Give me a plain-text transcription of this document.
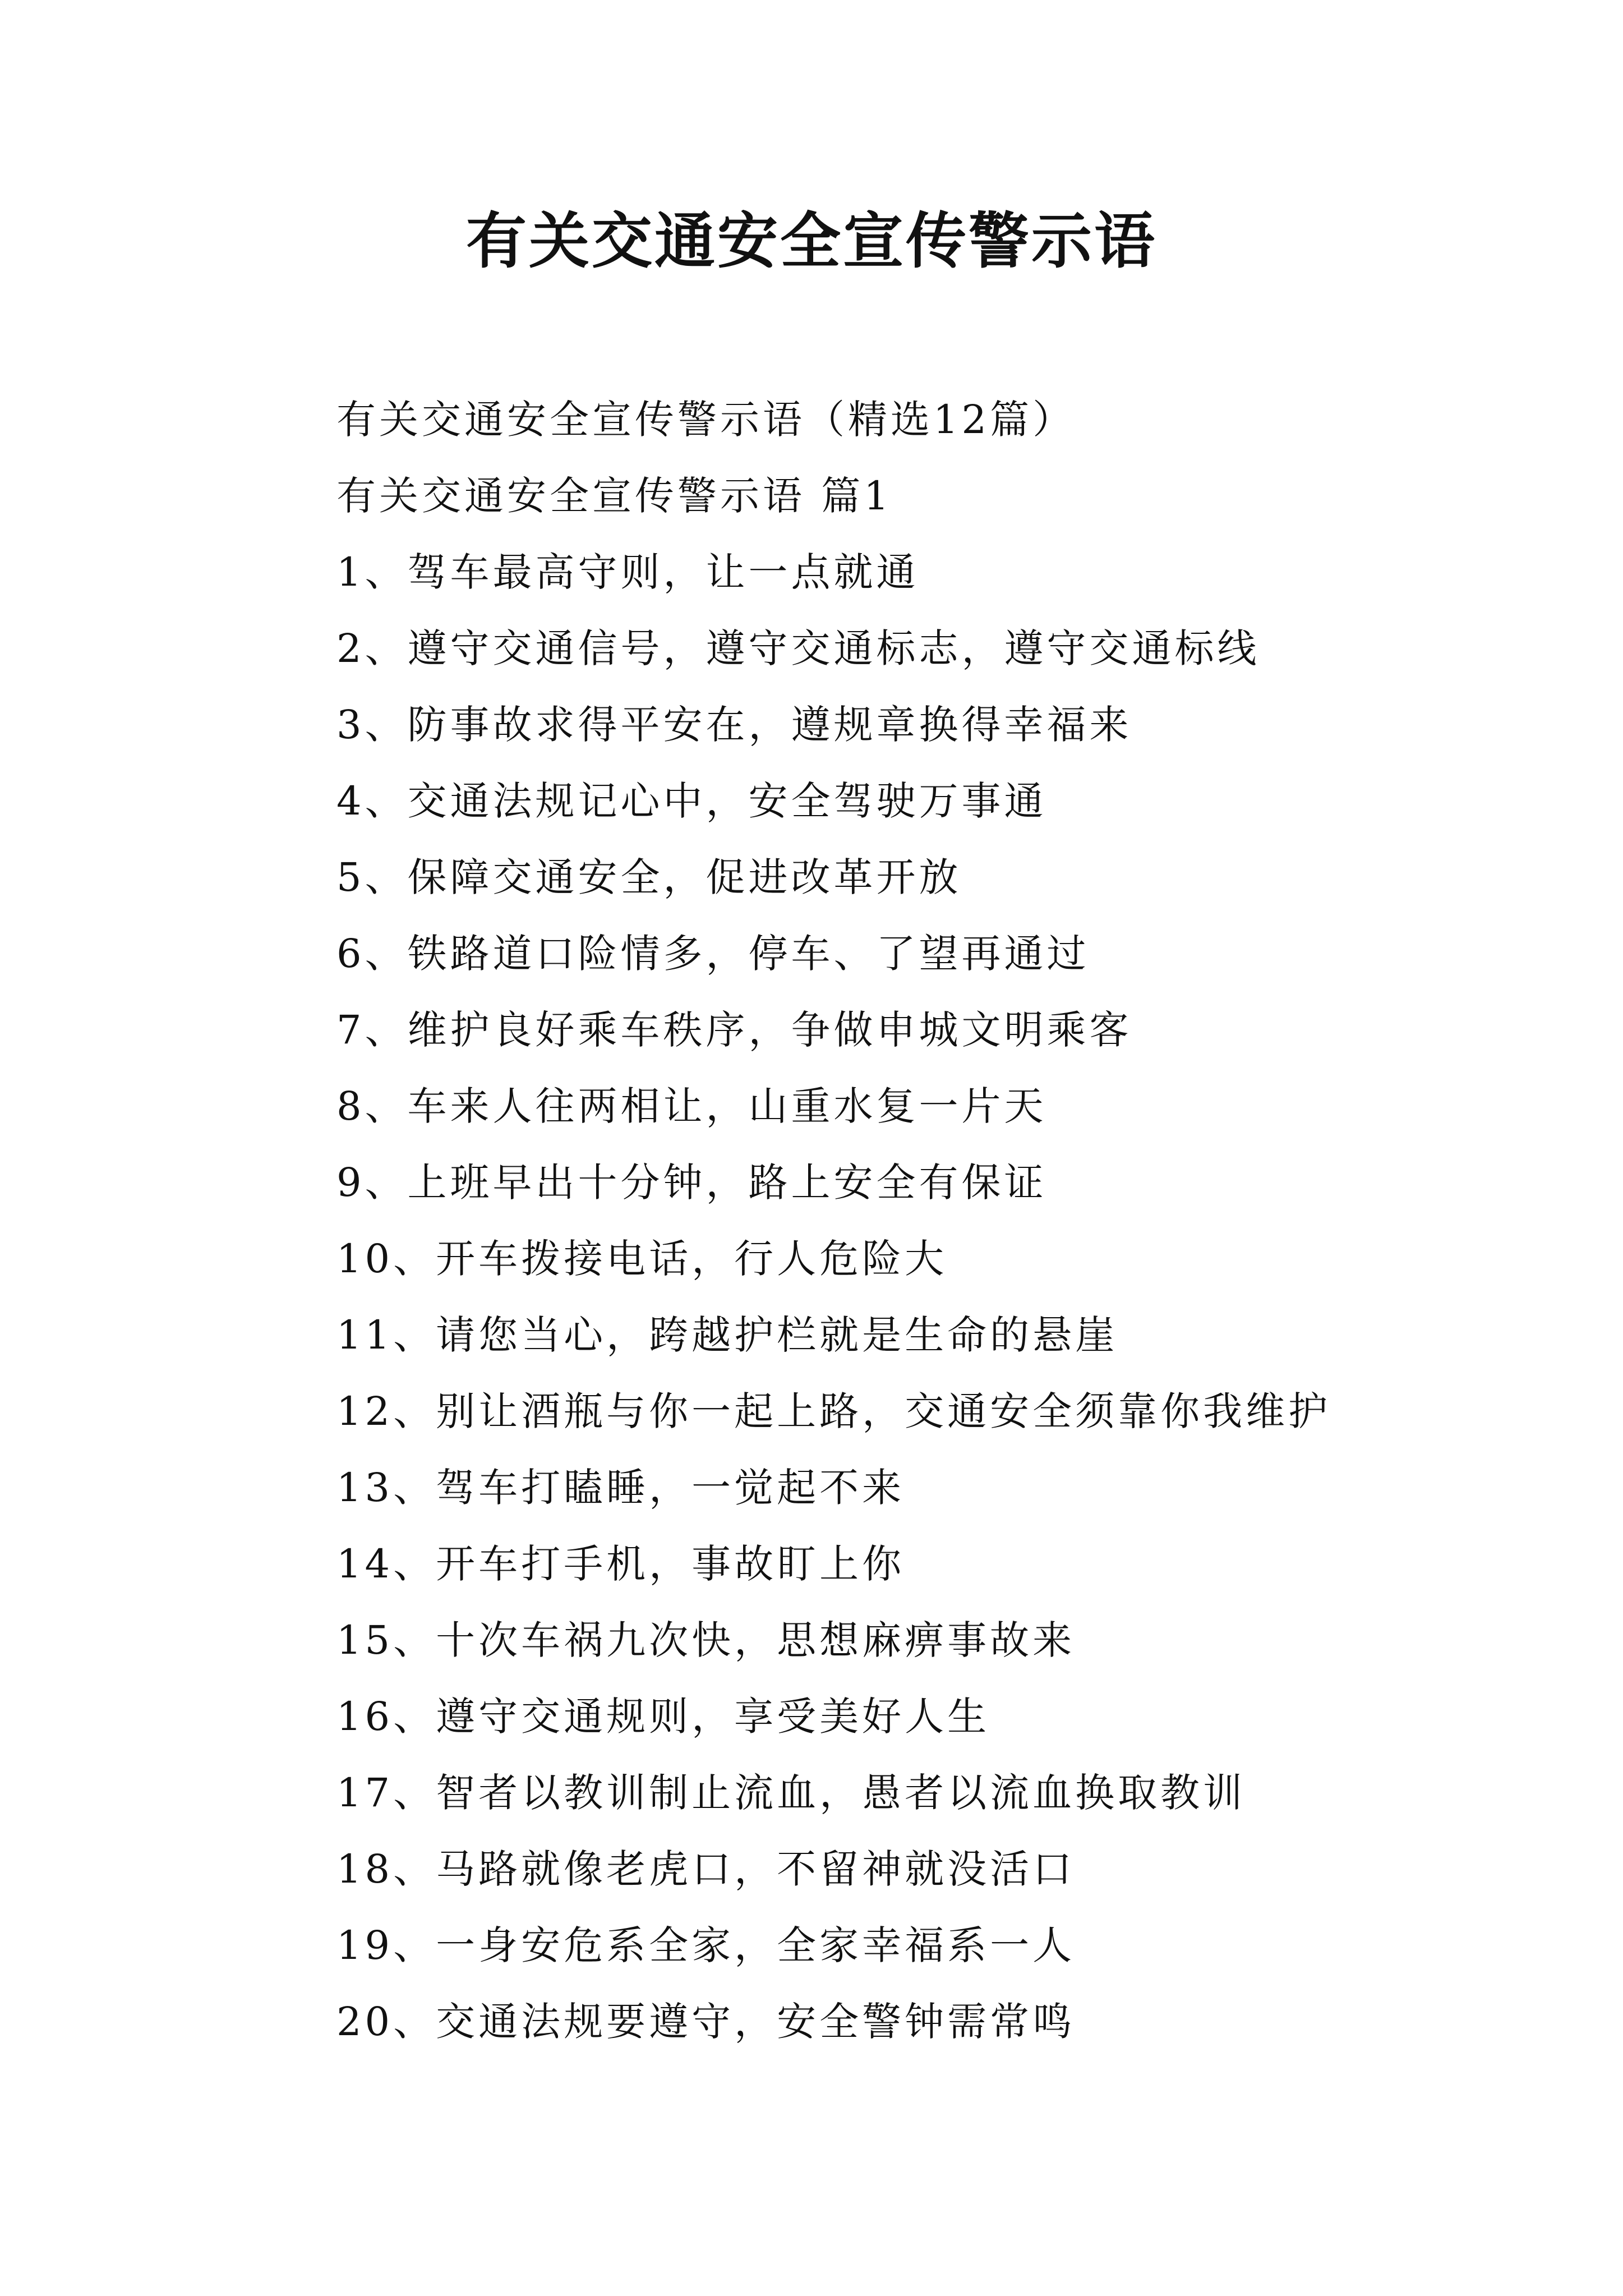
有关交通安全宣传警示语
有关交通安全宣传警示语（精选12篇）
有关交通安全宣传警示语 篇1
1、驾车最高守则，让一点就通
2、遵守交通信号，遵守交通标志，遵守交通标线
3、防事故求得平安在，遵规章换得幸福来
4、交通法规记心中，安全驾驶万事通
5、保障交通安全，促进改革开放
6、铁路道口险情多，停车、了望再通过
7、维护良好乘车秩序，争做申城文明乘客
8、车来人往两相让，山重水复一片天
9、上班早出十分钟，路上安全有保证
10、开车拨接电话，行人危险大
11、请您当心，跨越护栏就是生命的悬崖
12、别让酒瓶与你一起上路，交通安全须靠你我维护
13、驾车打瞌睡，一觉起不来
14、开车打手机，事故盯上你
15、十次车祸九次快，思想麻痹事故来
16、遵守交通规则，享受美好人生
17、智者以教训制止流血，愚者以流血换取教训
18、马路就像老虎口，不留神就没活口
19、一身安危系全家，全家幸福系一人
20、交通法规要遵守，安全警钟需常鸣
